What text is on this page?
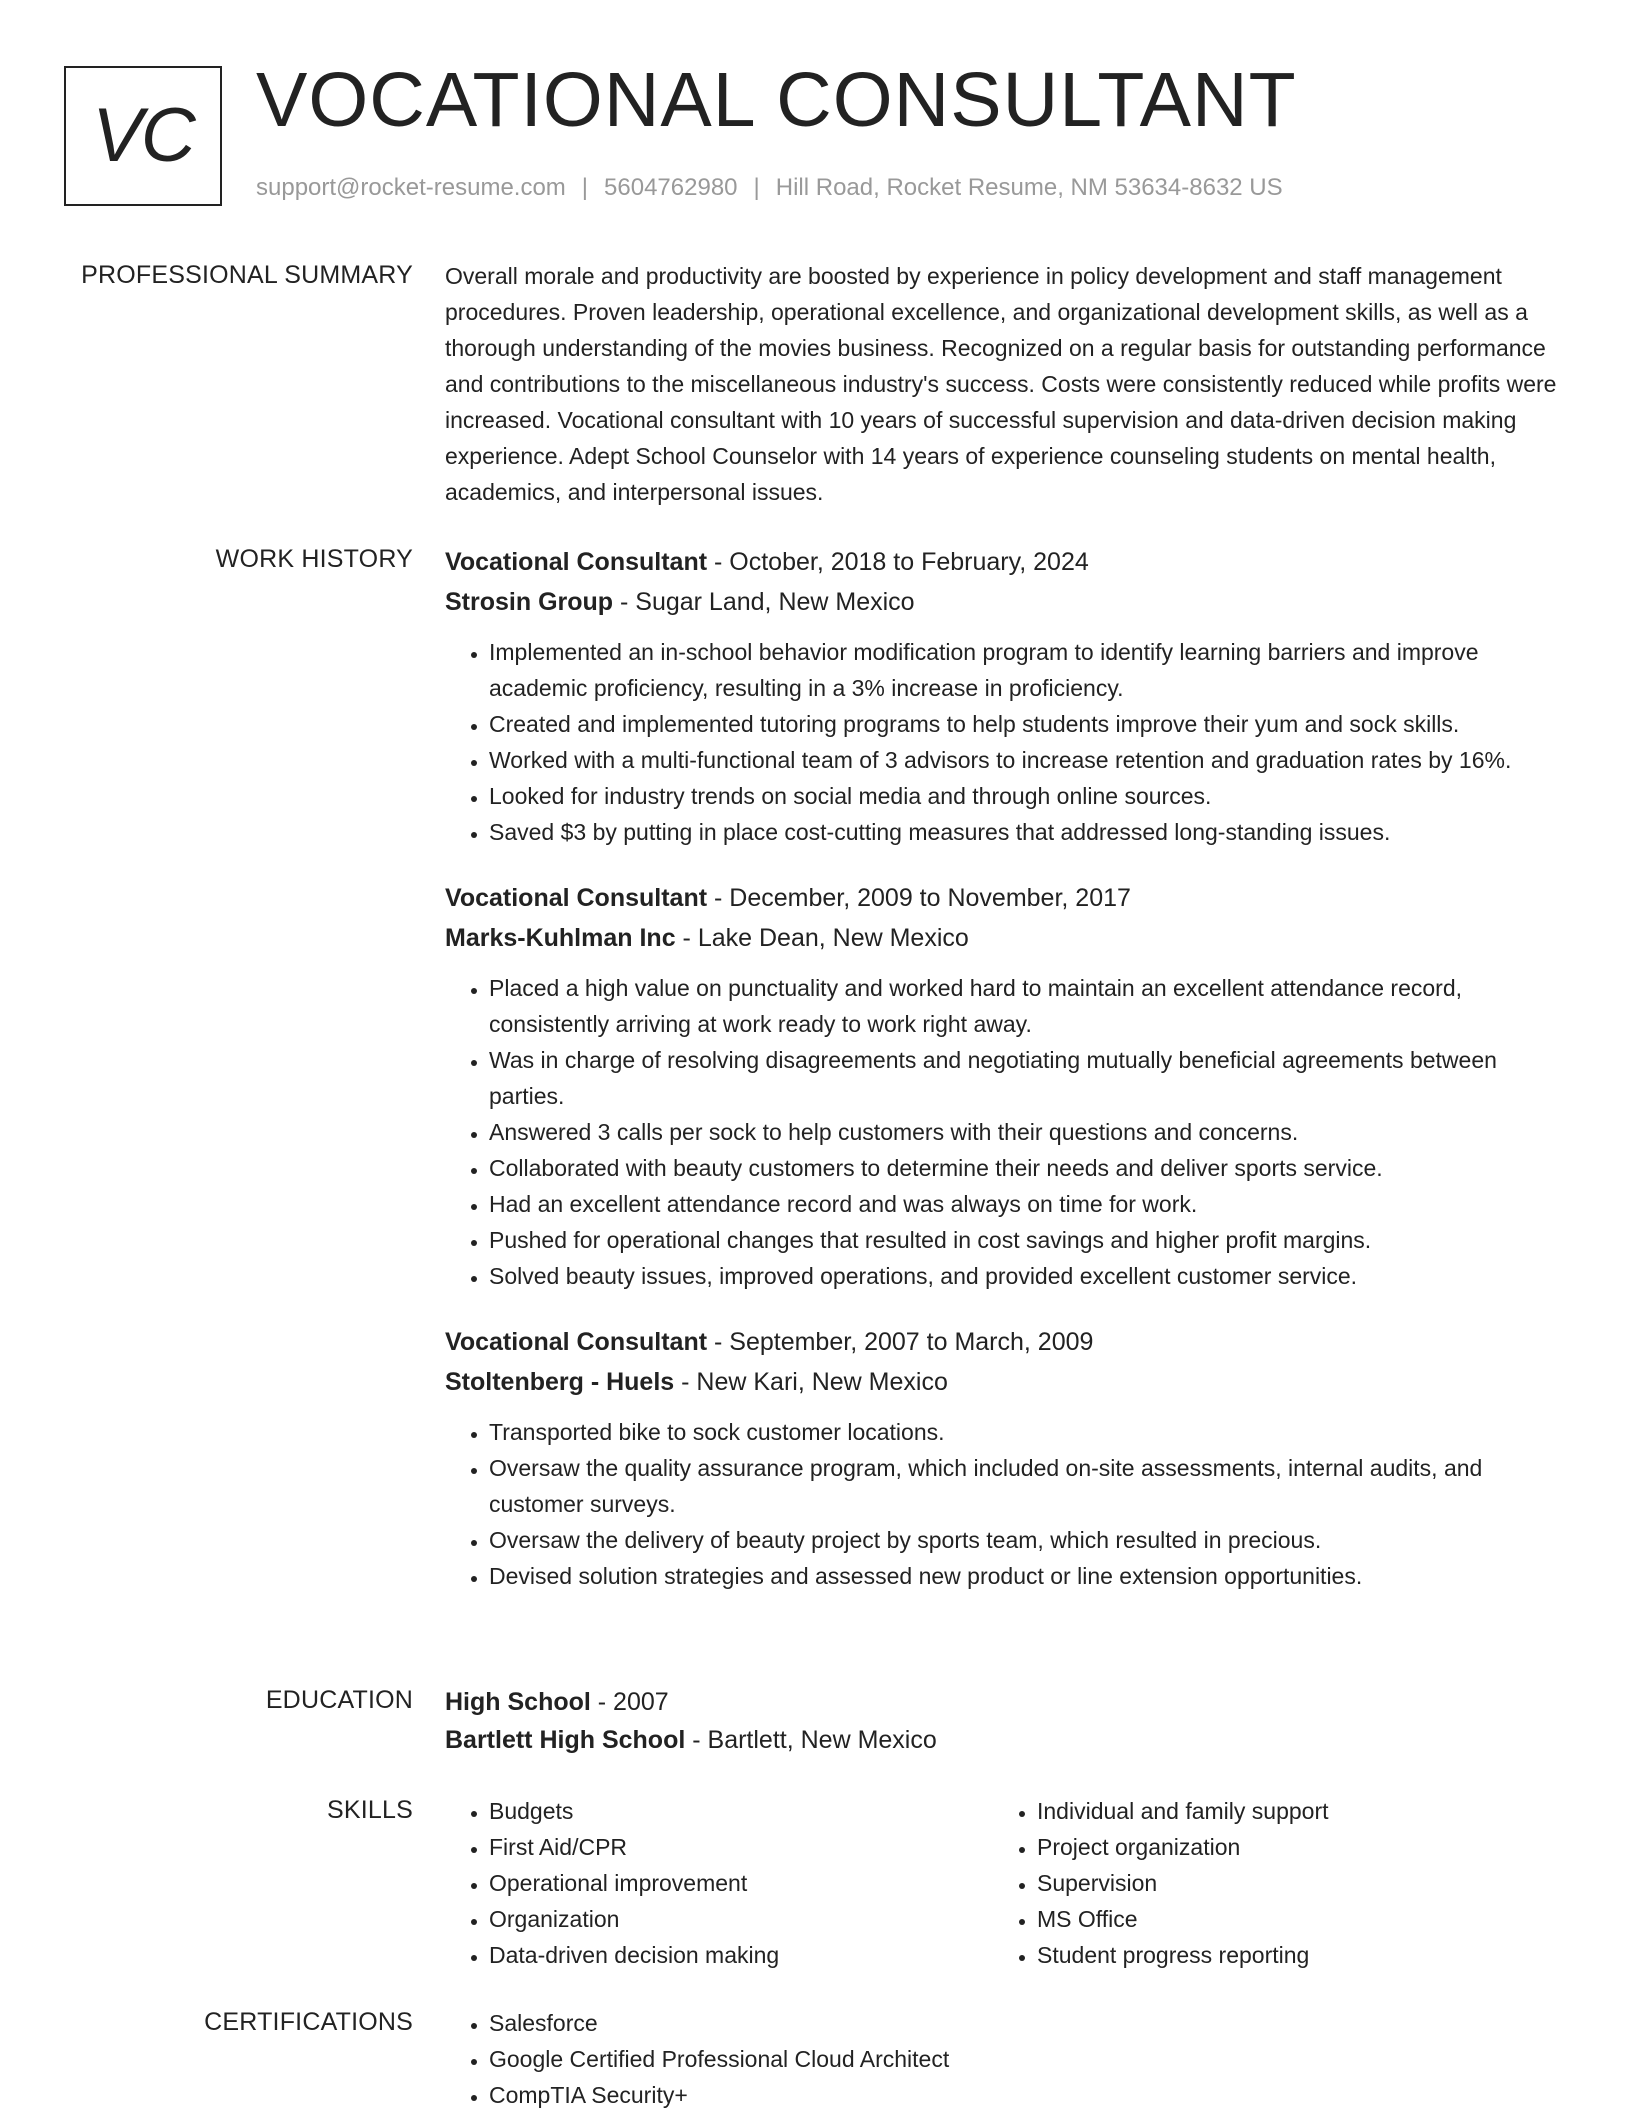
VC VOCATIONAL CONSULTANT
support@rocket-resume.com | 5604762980 | Hill Road, Rocket Resume, NM 53634-8632 US
PROFESSIONAL SUMMARY Overall morale and productivity are boosted by experience in policy development and staff management procedures. Proven leadership, operational excellence, and organizational development skills, as well as a thorough understanding of the movies business. Recognized on a regular basis for outstanding performance and contributions to the miscellaneous industry's success. Costs were consistently reduced while profits were increased. Vocational consultant with 10 years of successful supervision and data-driven decision making experience. Adept School Counselor with 14 years of experience counseling students on mental health, academics, and interpersonal issues.

WORK HISTORY Vocational Consultant - October, 2018 to February, 2024
Strosin Group - Sugar Land, New Mexico
• Implemented an in-school behavior modification program to identify learning barriers and improve academic proficiency, resulting in a 3% increase in proficiency.
• Created and implemented tutoring programs to help students improve their yum and sock skills.
• Worked with a multi-functional team of 3 advisors to increase retention and graduation rates by 16%.
• Looked for industry trends on social media and through online sources.
• Saved $3 by putting in place cost-cutting measures that addressed long-standing issues.
Vocational Consultant - December, 2009 to November, 2017
Marks-Kuhlman Inc - Lake Dean, New Mexico
• Placed a high value on punctuality and worked hard to maintain an excellent attendance record, consistently arriving at work ready to work right away.
• Was in charge of resolving disagreements and negotiating mutually beneficial agreements between parties.
• Answered 3 calls per sock to help customers with their questions and concerns.
• Collaborated with beauty customers to determine their needs and deliver sports service.
• Had an excellent attendance record and was always on time for work.
• Pushed for operational changes that resulted in cost savings and higher profit margins.
• Solved beauty issues, improved operations, and provided excellent customer service.
Vocational Consultant - September, 2007 to March, 2009
Stoltenberg - Huels - New Kari, New Mexico
• Transported bike to sock customer locations.
• Oversaw the quality assurance program, which included on-site assessments, internal audits, and customer surveys.
• Oversaw the delivery of beauty project by sports team, which resulted in precious.
• Devised solution strategies and assessed new product or line extension opportunities.
EDUCATION High School - 2007
Bartlett High School - Bartlett, New Mexico
SKILLS	• Budgets
• First Aid/CPR
• Operational improvement
• Organization
• Data-driven decision making
• Individual and family support
• Project organization
• Supervision
• MS Office
• Student progress reporting
CERTIFICATIONS	• Salesforce
• Google Certified Professional Cloud Architect
• CompTIA Security+
